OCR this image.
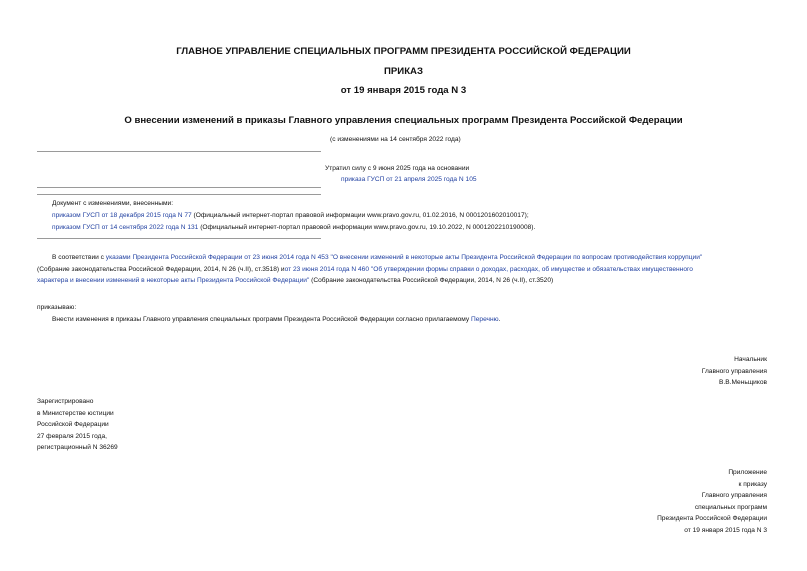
ГЛАВНОЕ УПРАВЛЕНИЕ СПЕЦИАЛЬНЫХ ПРОГРАММ ПРЕЗИДЕНТА РОССИЙСКОЙ ФЕДЕРАЦИИ
ПРИКАЗ
от 19 января 2015 года N 3
О внесении изменений в приказы Главного управления специальных программ Президента Российской Федерации
(с изменениями на 14 сентября 2022 года)
Утратил силу с 9 июня 2025 года на основании
приказа ГУСП от 21 апреля 2025 года N 105
Документ с изменениями, внесенными:
приказом ГУСП от 18 декабря 2015 года N 77 (Официальный интернет-портал правовой информации www.pravo.gov.ru, 01.02.2016, N 0001201602010017);
приказом ГУСП от 14 сентября 2022 года N 131 (Официальный интернет-портал правовой информации www.pravo.gov.ru, 19.10.2022, N 0001202210190008).
В соответствии с указами Президента Российской Федерации от 23 июня 2014 года N 453 "О внесении изменений в некоторые акты Президента Российской Федерации по вопросам противодействия коррупции"
(Собрание законодательства Российской Федерации, 2014, N 26 (ч.II), ст.3518) иот 23 июня 2014 года N 460 "Об утверждении формы справки о доходах, расходах, об имуществе и обязательствах имущественного
характера и внесении изменений в некоторые акты Президента Российской Федерации" (Собрание законодательства Российской Федерации, 2014, N 26 (ч.II), ст.3520)
приказываю:
Внести изменения в приказы Главного управления специальных программ Президента Российской Федерации согласно прилагаемому Перечню.
Начальник
Главного управления
В.В.Меньщиков
Зарегистрировано
в Министерстве юстиции
Российской Федерации
27 февраля 2015 года,
регистрационный N 36269
Приложение
к приказу
Главного управления
специальных программ
Президента Российской Федерации
от 19 января 2015 года N 3
